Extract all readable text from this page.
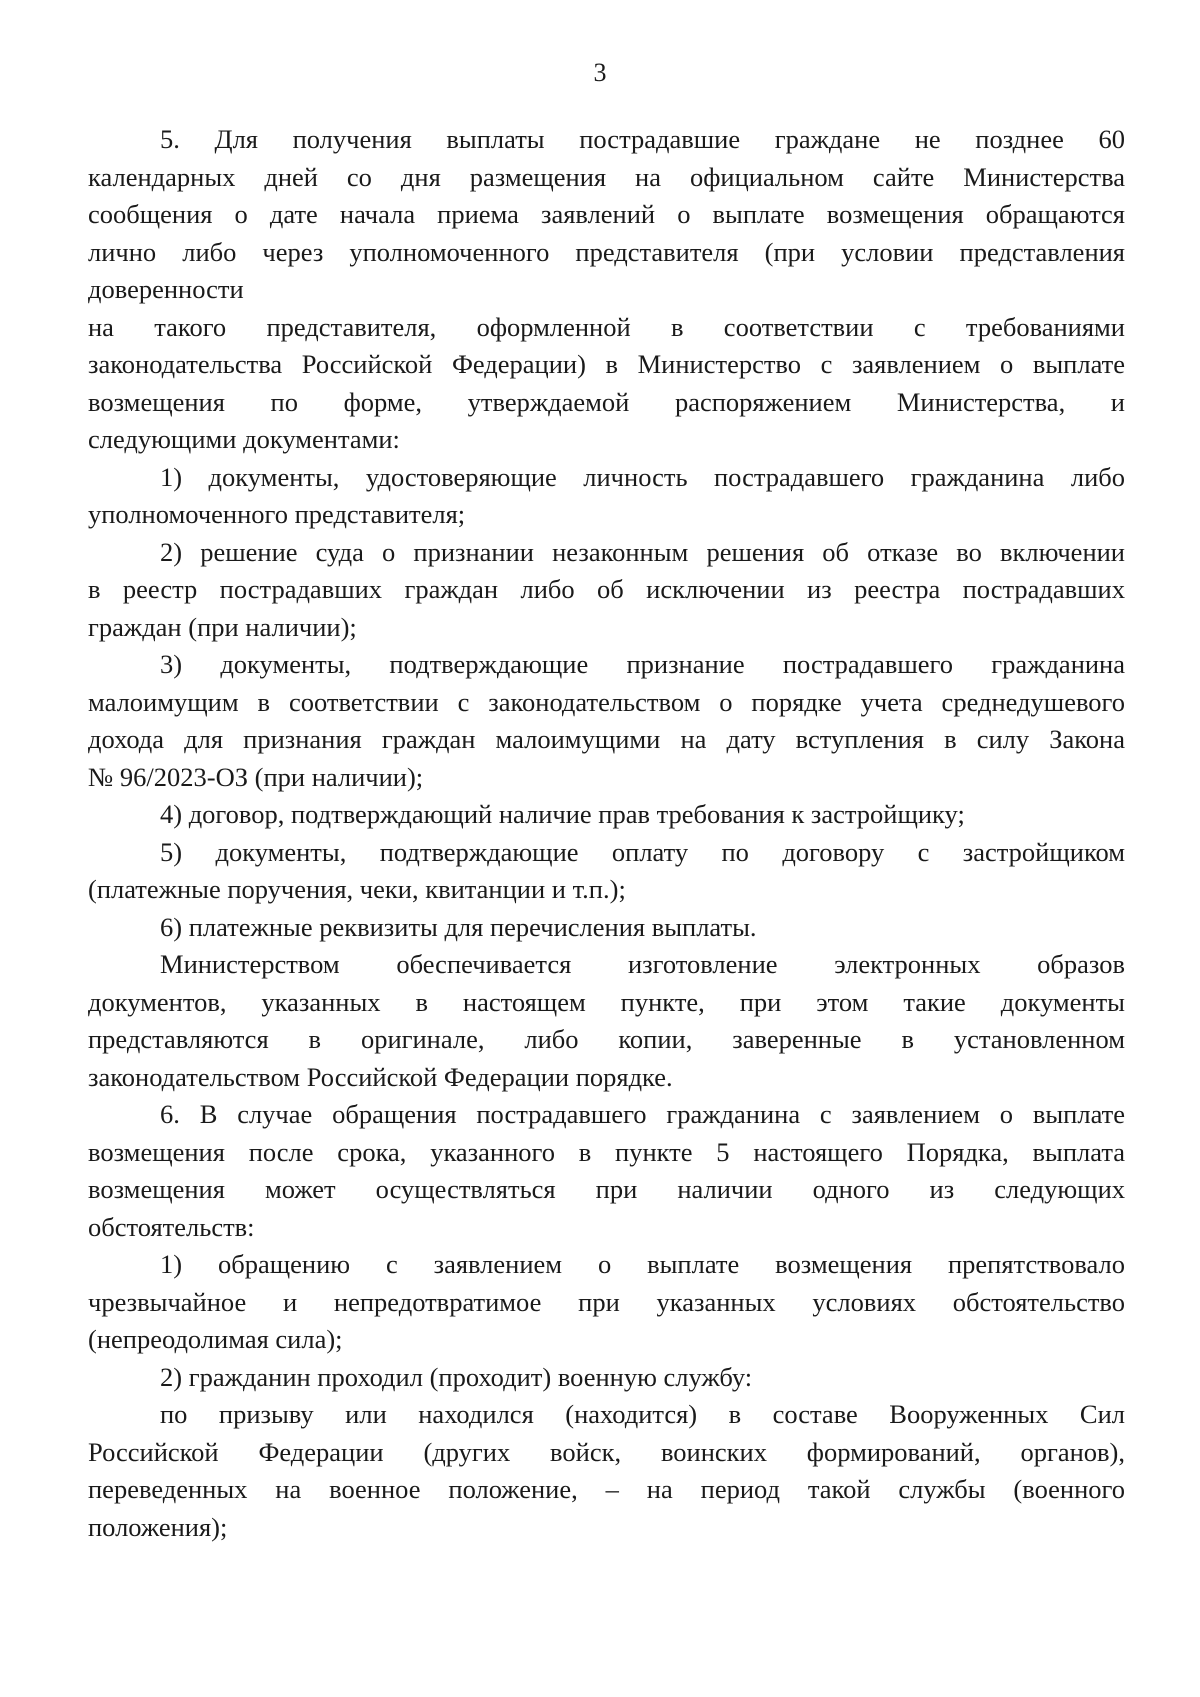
3
5. Для получения выплаты пострадавшие граждане не позднее 60
календарных дней со дня размещения на официальном сайте Министерства
сообщения о дате начала приема заявлений о выплате возмещения обращаются
лично либо через уполномоченного представителя (при условии представления
доверенности
на такого представителя, оформленной в соответствии с требованиями
законодательства Российской Федерации) в Министерство с заявлением о выплате
возмещения по форме, утверждаемой распоряжением Министерства, и
следующими документами:
1) документы, удостоверяющие личность пострадавшего гражданина либо
уполномоченного представителя;
2) решение суда о признании незаконным решения об отказе во включении
в реестр пострадавших граждан либо об исключении из реестра пострадавших
граждан (при наличии);
3) документы, подтверждающие признание пострадавшего гражданина
малоимущим в соответствии с законодательством о порядке учета среднедушевого
дохода для признания граждан малоимущими на дату вступления в силу Закона
№ 96/2023-ОЗ (при наличии);
4) договор, подтверждающий наличие прав требования к застройщику;
5) документы, подтверждающие оплату по договору с застройщиком
(платежные поручения, чеки, квитанции и т.п.);
6) платежные реквизиты для перечисления выплаты.
Министерством обеспечивается изготовление электронных образов
документов, указанных в настоящем пункте, при этом такие документы
представляются в оригинале, либо копии, заверенные в установленном
законодательством Российской Федерации порядке.
6. В случае обращения пострадавшего гражданина с заявлением о выплате
возмещения после срока, указанного в пункте 5 настоящего Порядка, выплата
возмещения может осуществляться при наличии одного из следующих
обстоятельств:
1) обращению с заявлением о выплате возмещения препятствовало
чрезвычайное и непредотвратимое при указанных условиях обстоятельство
(непреодолимая сила);
2) гражданин проходил (проходит) военную службу:
по призыву или находился (находится) в составе Вооруженных Сил
Российской Федерации (других войск, воинских формирований, органов),
переведенных на военное положение, – на период такой службы (военного
положения);
